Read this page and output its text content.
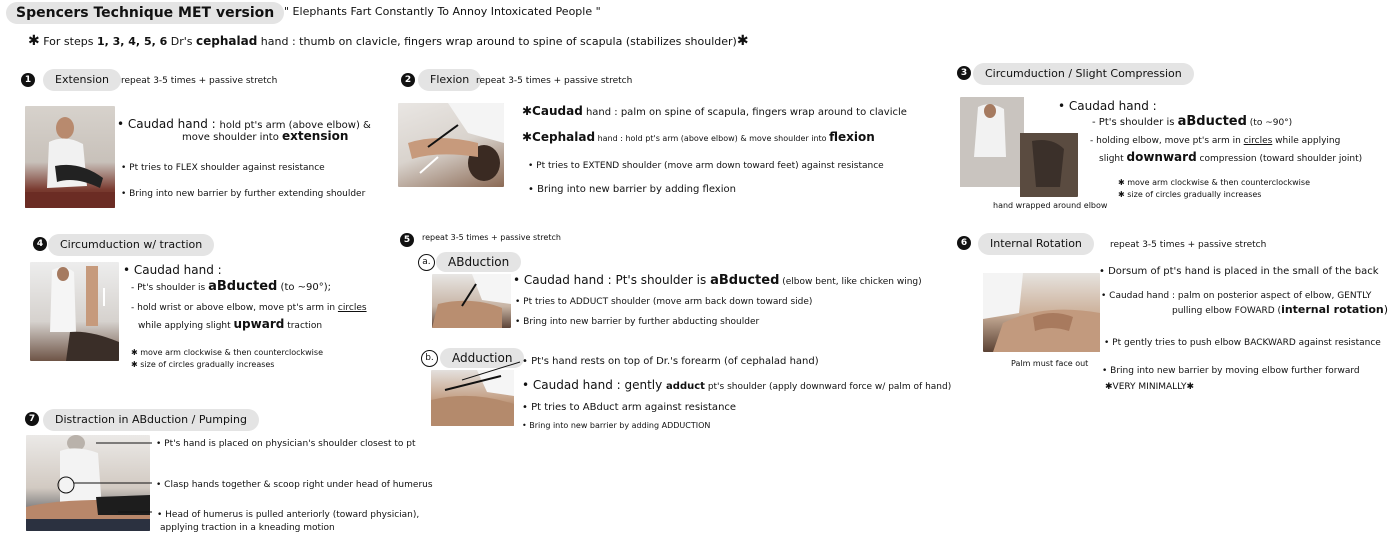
Spencers Technique MET version " Elephants Fart Constantly To Annoy Intoxicated People "
✱ For steps 1, 3, 4, 5, 6 Dr's cephalad hand : thumb on clavicle, fingers wrap around to spine of scapula (stabilizes shoulder)✱
1	Extension	repeat 3-5 times + passive stretch
• Caudad hand : hold pt's arm (above elbow) &
move shoulder into extension
• Pt tries to FLEX shoulder against resistance
• Bring into new barrier by further extending shoulder
2	Flexion repeat 3-5 times + passive stretch
✱Caudad hand : palm on spine of scapula, fingers wrap around to clavicle
✱Cephalad hand : hold pt's arm (above elbow) & move shoulder into flexion
• Pt tries to EXTEND shoulder (move arm down toward feet) against resistance
• Bring into new barrier by adding flexion
3	Circumduction / Slight Compression
hand wrapped around elbow
• Caudad hand :
- Pt's shoulder is aBducted (to ~90°)
- holding elbow, move pt's arm in circles while applying
slight downward compression (toward shoulder joint)
✱ move arm clockwise & then counterclockwise
✱ size of circles gradually increases
4	Circumduction w/ traction
• Caudad hand :
- Pt's shoulder is aBducted (to ~90°);
- hold wrist or above elbow, move pt's arm in circles
while applying slight upward traction
✱ move arm clockwise & then counterclockwise
✱ size of circles gradually increases
5	repeat 3-5 times + passive stretch
a.	ABduction
• Caudad hand : Pt's shoulder is aBducted (elbow bent, like chicken wing)
• Pt tries to ADDUCT shoulder (move arm back down toward side)
• Bring into new barrier by further abducting shoulder
b.	Adduction • Pt's hand rests on top of Dr.'s forearm (of cephalad hand)
• Caudad hand : gently adduct pt's shoulder (apply downward force w/ palm of hand)
• Pt tries to ABduct arm against resistance
• Bring into new barrier by adding ADDUCTION
6	Internal Rotation	repeat 3-5 times + passive stretch
Palm must face out
• Dorsum of pt's hand is placed in the small of the back
• Caudad hand : palm on posterior aspect of elbow, GENTLY
pulling elbow FOWARD (internal rotation)
• Pt gently tries to push elbow BACKWARD against resistance
• Bring into new barrier by moving elbow further forward
✱VERY MINIMALLY✱
7	Distraction in ABduction / Pumping
• Pt's hand is placed on physician's shoulder closest to pt
• Clasp hands together & scoop right under head of humerus
• Head of humerus is pulled anteriorly (toward physician),
applying traction in a kneading motion
